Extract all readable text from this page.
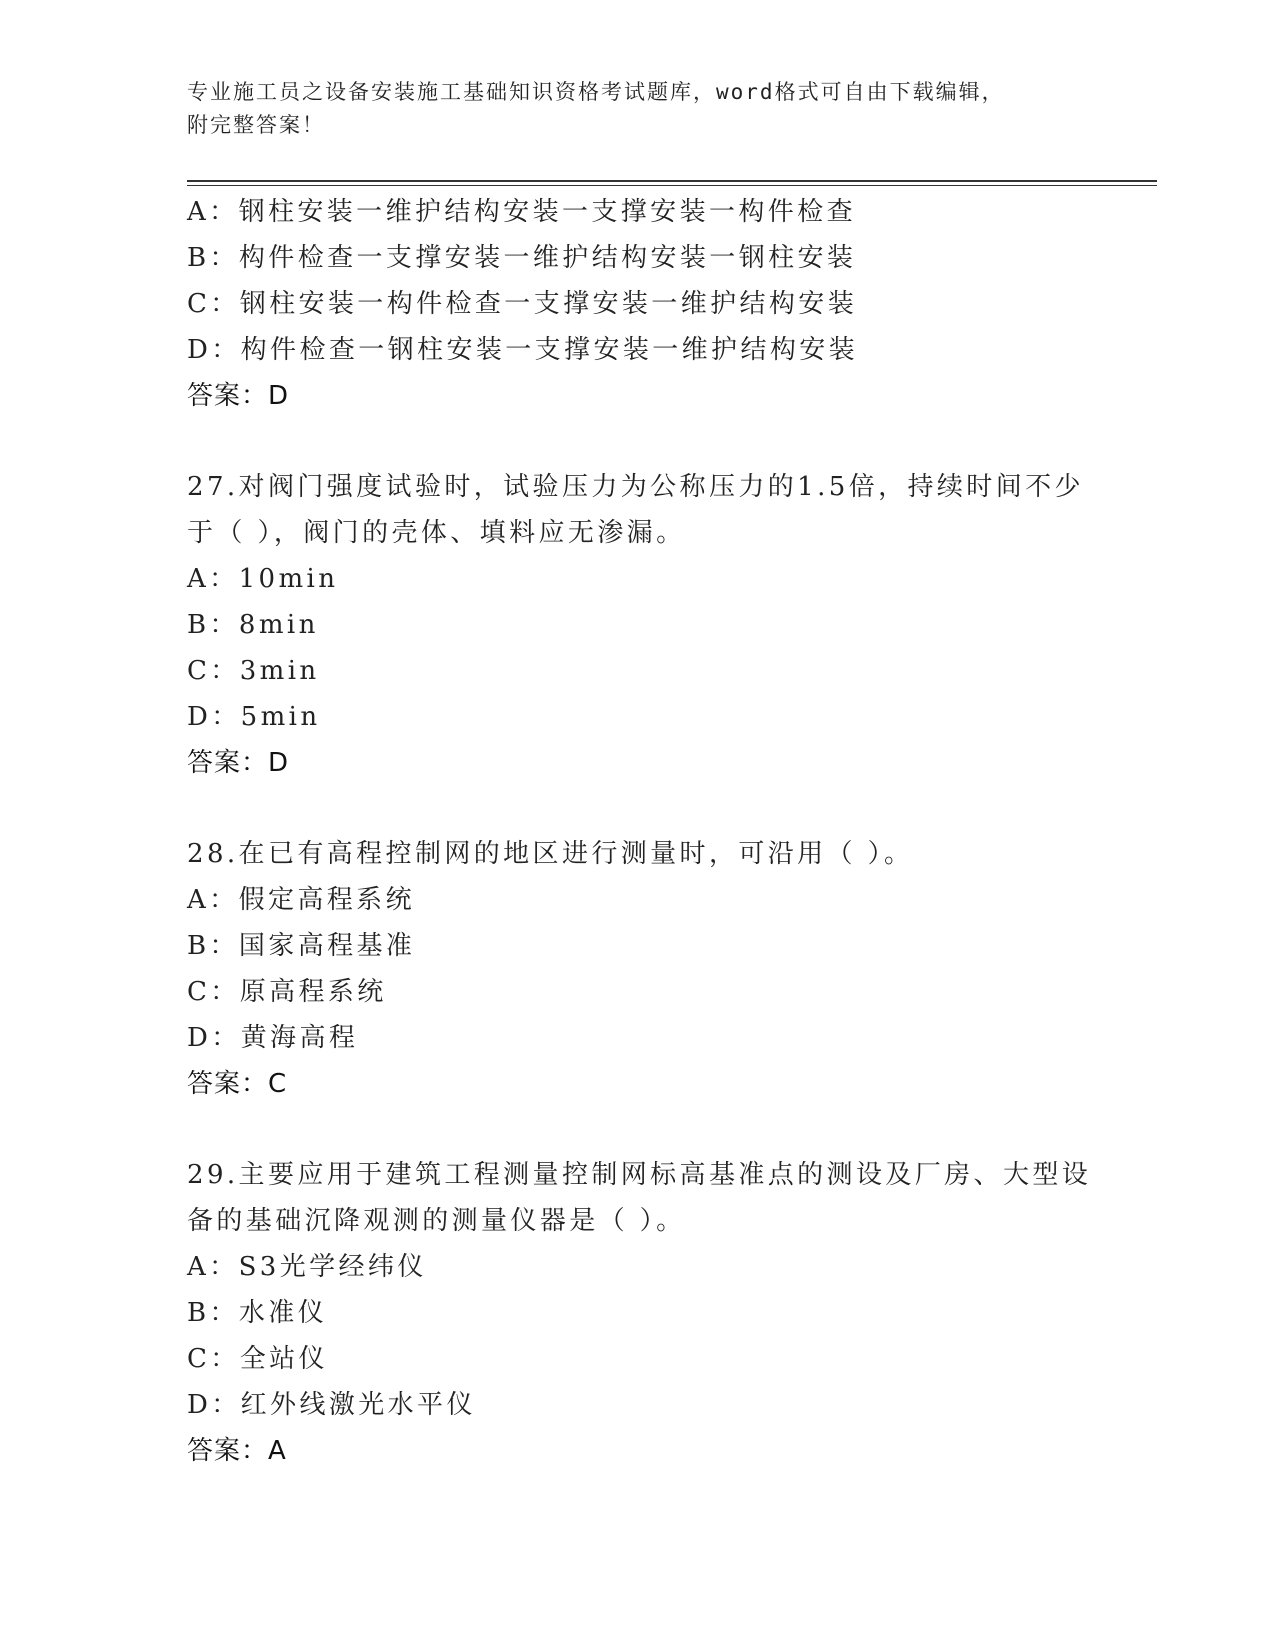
专业施工员之设备安装施工基础知识资格考试题库，word格式可自由下载编辑，
附完整答案！
A：钢柱安装一维护结构安装一支撑安装一构件检查
B：构件检查一支撑安装一维护结构安装一钢柱安装
C：钢柱安装一构件检查一支撑安装一维护结构安装
D：构件检查一钢柱安装一支撑安装一维护结构安装
答案：D
27.对阀门强度试验时，试验压力为公称压力的1.5倍，持续时间不少
于（ ），阀门的壳体、填料应无渗漏。
A：10min
B：8min
C：3min
D：5min
答案：D
28.在已有高程控制网的地区进行测量时，可沿用（ ）。
A：假定高程系统
B：国家高程基准
C：原高程系统
D：黄海高程
答案：C
29.主要应用于建筑工程测量控制网标高基准点的测设及厂房、大型设
备的基础沉降观测的测量仪器是（ ）。
A：S3光学经纬仪
B：水准仪
C：全站仪
D：红外线激光水平仪
答案：A
